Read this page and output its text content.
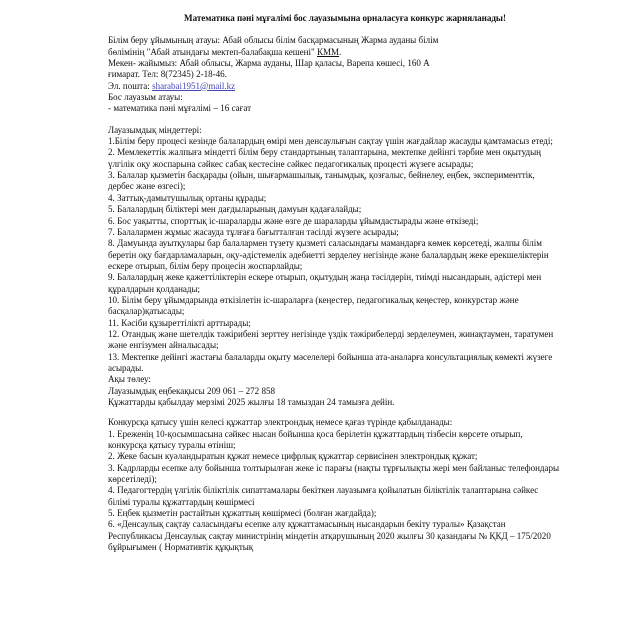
Математика пәні мұғалімі бос лауазымына орналасуға конкурс жарияланады!

Білім беру ұйымының атауы: Абай облысы білім басқармасының Жарма ауданы білім

бөлімінің "Абай атындағы мектеп-балабақша кешені" КММ.

Мекен- жайымыз: Абай облысы, Жарма ауданы, Шар қаласы, Варепа көшесі, 160 А

ғимарат. Тел: 8(72345) 2-18-46.

Эл. пошта: sharabai1951@mail.kz

Бос лауазым атауы:

- математика пәні мұғалімі – 16 сағат

Лауазымдық міндеттері:

1.Білім беру процесі кезінде балалардың өмірі мен денсаулығын сақтау үшін жағдайлар жасауды қамтамасыз етеді;

2. Мемлекеттік жалпыға міндетті білім беру стандартының талаптарына, мектепке дейінгі тәрбие мен оқытудың үлгілік оқу жоспарына сәйкес сабақ кестесіне сәйкес педагогикалық процесті жүзеге асырады;

3. Балалар қызметін басқарады (ойын, шығармашылық, танымдық, қозғалыс, бейнелеу, еңбек, эксперименттік, дербес және өзгесі);

4. Заттық-дамытушылық ортаны құрады;

5. Балалардың біліктері мен дағдыларының дамуын қадағалайды;

6. Бос уақытты, спорттық іс-шараларды және өзге де шараларды ұйымдастырады және өткізеді;

7. Балалармен жұмыс жасауда тұлғаға бағытталған тәсілді жүзеге асырады;

8. Дамуында ауытқулары бар балалармен түзету қызметі саласындағы мамандарға көмек көрсетеді, жалпы білім беретін оқу бағдарламаларын, оқу-әдістемелік әдебиетті зерделеу негізінде және балалардың жеке ерекшеліктерін ескере отырып, білім беру процесін жоспарлайды;

9. Балалардың жеке қажеттіліктерін ескере отырып, оқытудың жаңа тәсілдерін, тиімді нысандарын, әдістері мен құралдарын қолданады;

10. Білім беру ұйымдарында өткізілетін іс-шараларға (кеңестер, педагогикалық кеңестер, конкурстар және басқалар)қатысады;

11. Кәсіби құзыреттілікті арттырады;

12. Отандық және шетелдік тәжірибені зерттеу негізінде үздік тәжірибелерді зерделеумен, жинақтаумен, таратумен және енгізумен айналысады;

13. Мектепке дейінгі жастағы балаларды оқыту мәселелері бойынша ата-аналарға консультациялық көмекті жүзеге асырады.

Ақы төлеу:

Лауазымдық еңбекақысы 209 061 – 272 858

Құжаттарды қабылдау мерзімі 2025 жылғы 18 тамыздан 24 тамызға дейін.

Конкурсқа қатысу үшін келесі құжаттар электрондық немесе қағаз түрінде қабылданады:

1. Ереженің 10-қосымшасына сәйкес нысан бойынша қоса берілетін құжаттардың тізбесін көрсете отырып, конкурсқа қатысу туралы өтініш;

2. Жеке басын куәландыратын құжат немесе цифрлық құжаттар сервисінен электрондық құжат;

3. Кадрларды есепке алу бойынша толтырылған жеке іс парағы (нақты тұрғылықты жері мен байланыс телефондары көрсетіледі);

4. Педагогтердің үлгілік біліктілік сипаттамалары бекіткен лауазымға қойылатын біліктілік талаптарына сәйкес білімі туралы құжаттардың көшірмесі

5. Еңбек қызметін растайтын құжаттың көшірмесі (болған жағдайда);

6. «Денсаулық сақтау саласындағы есепке алу құжаттамасының нысандарын бекіту туралы» Қазақстан Республикасы Денсаулық сақтау министрінің міндетін атқарушының 2020 жылғы 30 қазандағы № ҚКД – 175/2020 бұйрығымен ( Нормативтік құқықтық
